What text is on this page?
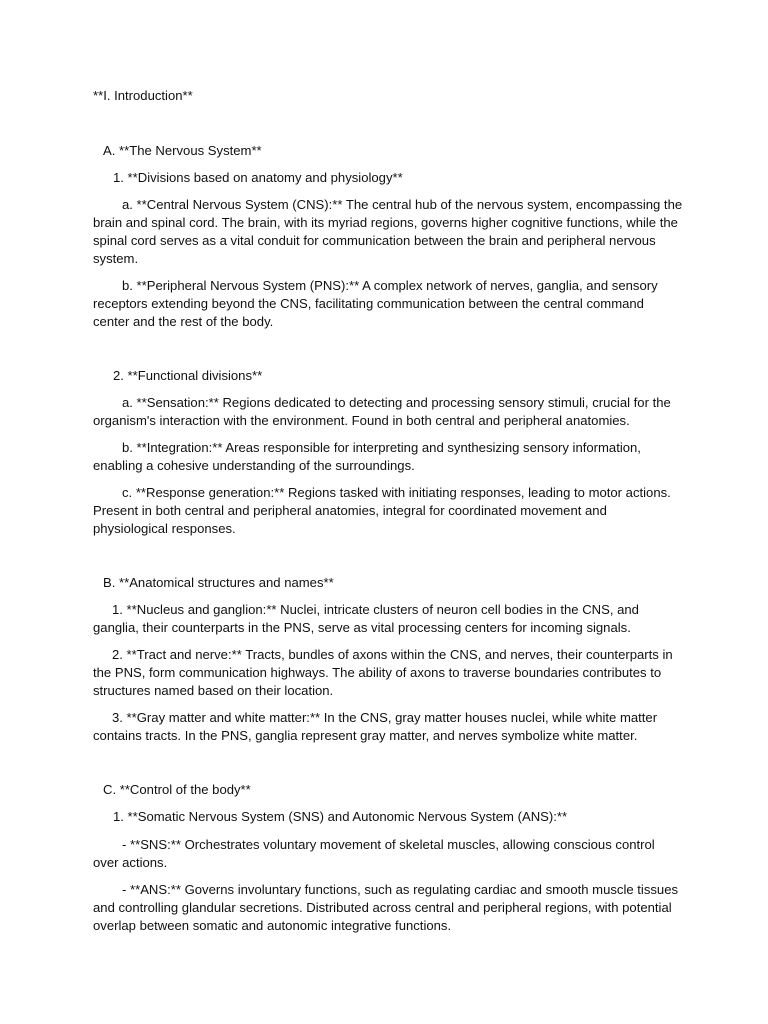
**I. Introduction**

A. **The Nervous System**

1. **Divisions based on anatomy and physiology**

a. **Central Nervous System (CNS):** The central hub of the nervous system, encompassing the brain and spinal cord. The brain, with its myriad regions, governs higher cognitive functions, while the spinal cord serves as a vital conduit for communication between the brain and peripheral nervous system.

b. **Peripheral Nervous System (PNS):** A complex network of nerves, ganglia, and sensory receptors extending beyond the CNS, facilitating communication between the central command center and the rest of the body.

2. **Functional divisions**

a. **Sensation:** Regions dedicated to detecting and processing sensory stimuli, crucial for the organism's interaction with the environment. Found in both central and peripheral anatomies.

b. **Integration:** Areas responsible for interpreting and synthesizing sensory information, enabling a cohesive understanding of the surroundings.

c. **Response generation:** Regions tasked with initiating responses, leading to motor actions. Present in both central and peripheral anatomies, integral for coordinated movement and physiological responses.

B. **Anatomical structures and names**

1. **Nucleus and ganglion:** Nuclei, intricate clusters of neuron cell bodies in the CNS, and ganglia, their counterparts in the PNS, serve as vital processing centers for incoming signals.

2. **Tract and nerve:** Tracts, bundles of axons within the CNS, and nerves, their counterparts in the PNS, form communication highways. The ability of axons to traverse boundaries contributes to structures named based on their location.

3. **Gray matter and white matter:** In the CNS, gray matter houses nuclei, while white matter contains tracts. In the PNS, ganglia represent gray matter, and nerves symbolize white matter.

C. **Control of the body**

1. **Somatic Nervous System (SNS) and Autonomic Nervous System (ANS):**

- **SNS:** Orchestrates voluntary movement of skeletal muscles, allowing conscious control over actions.

- **ANS:** Governs involuntary functions, such as regulating cardiac and smooth muscle tissues and controlling glandular secretions. Distributed across central and peripheral regions, with potential overlap between somatic and autonomic integrative functions.
